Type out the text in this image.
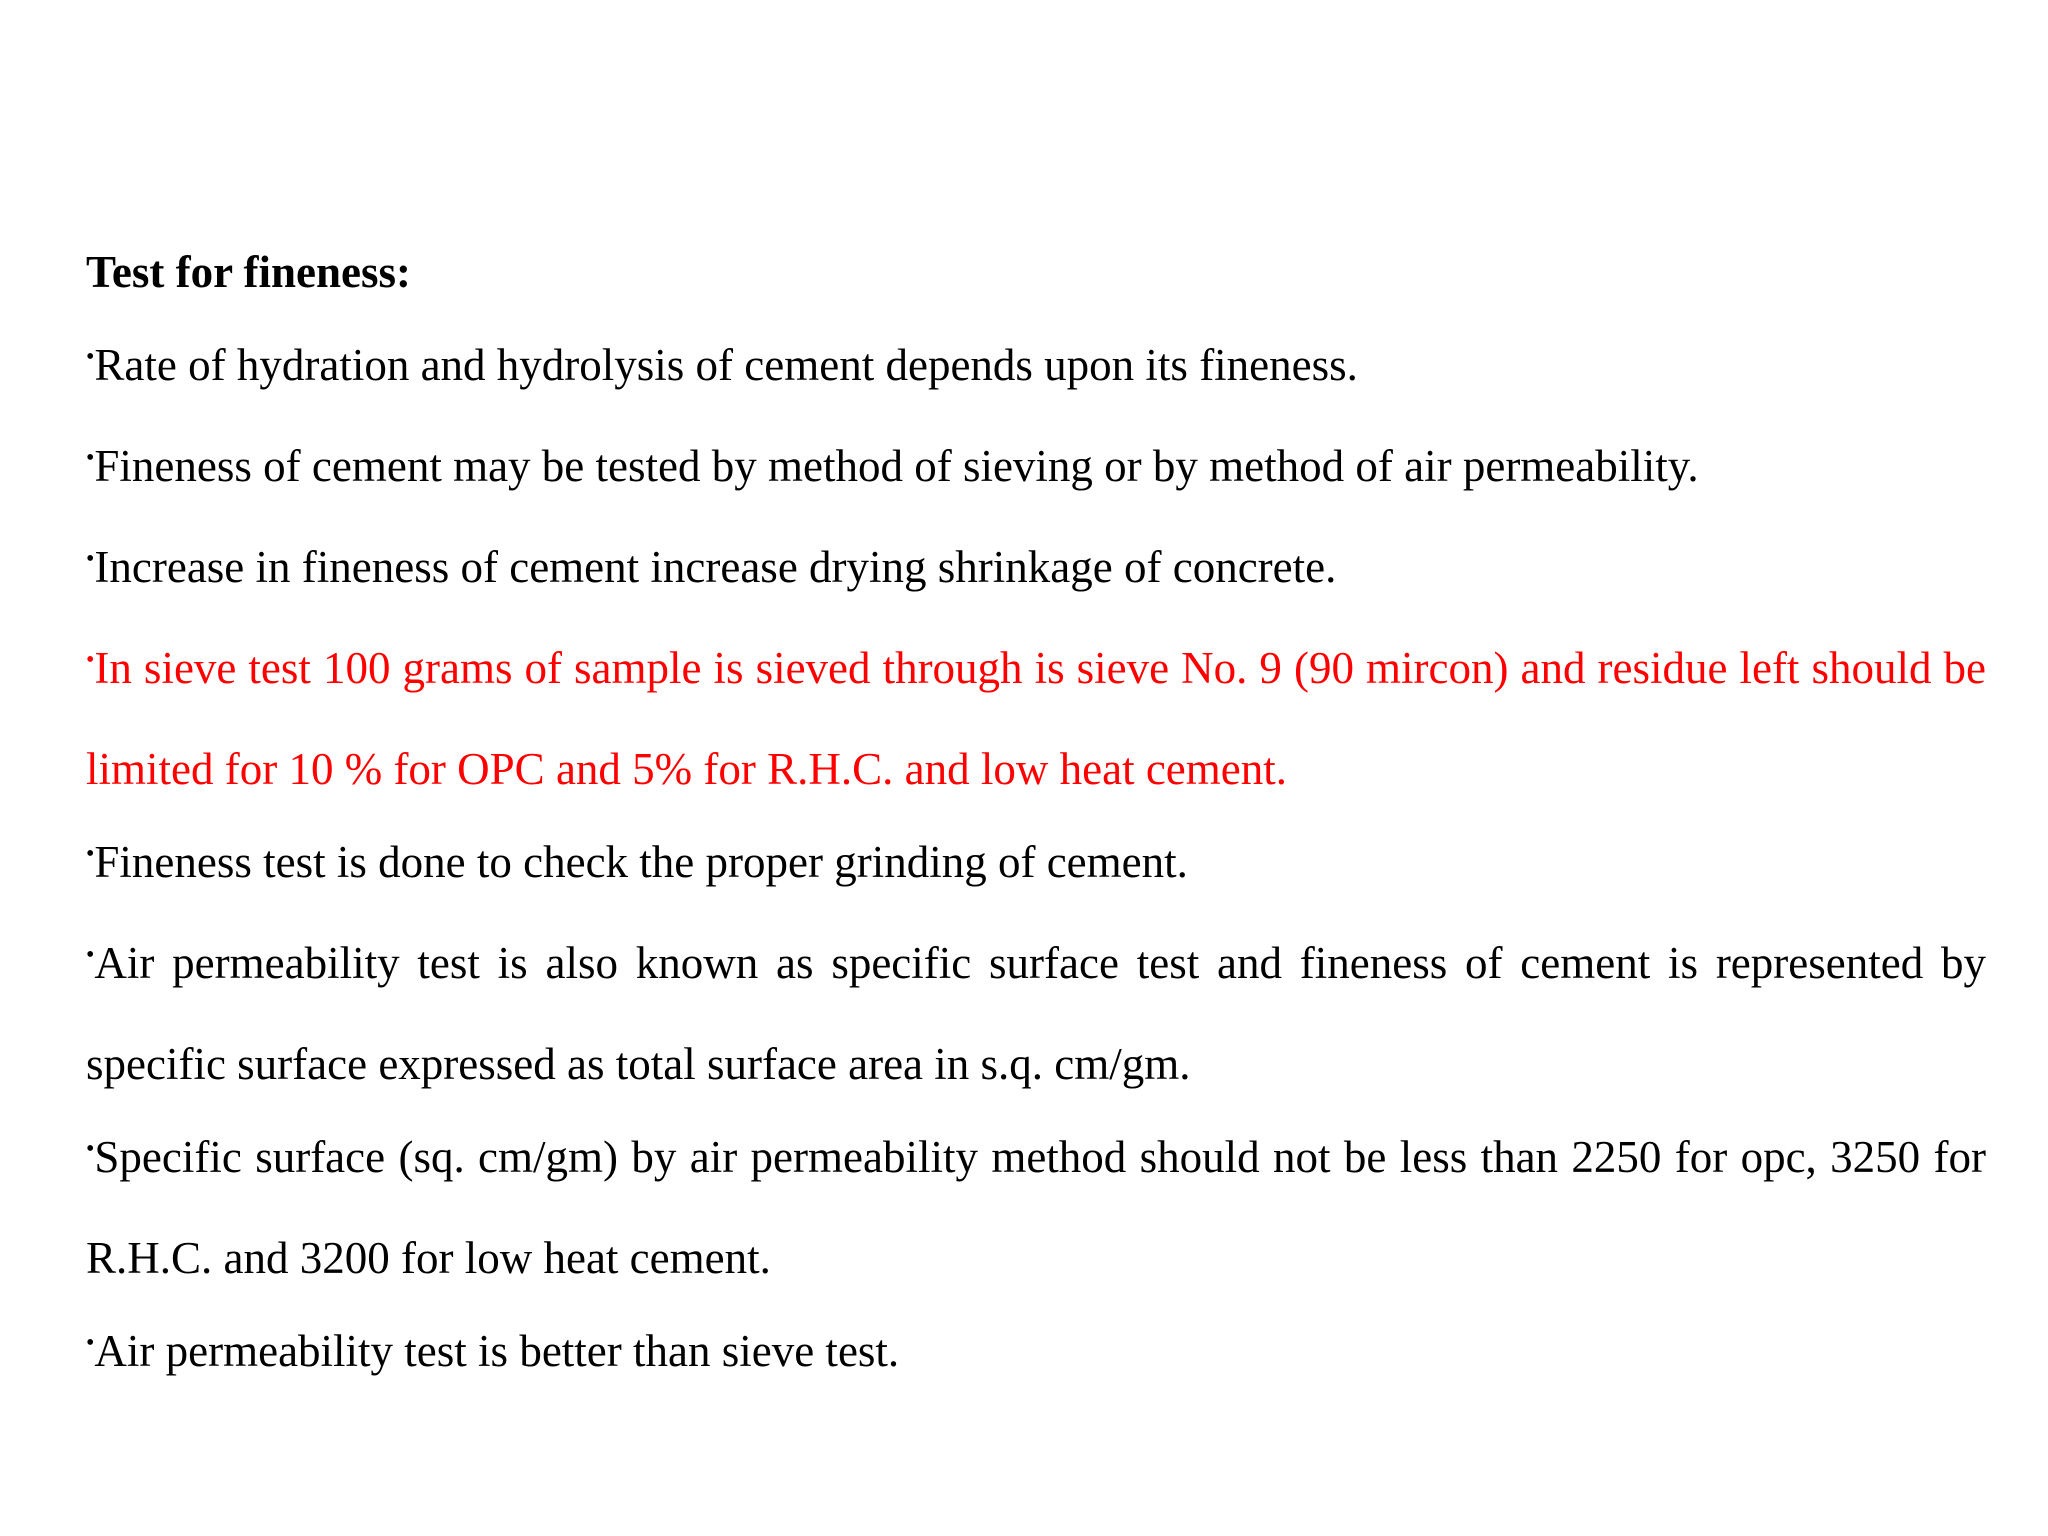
Test for fineness:

•Rate of hydration and hydrolysis of cement depends upon its fineness.

•Fineness of cement may be tested by method of sieving or by method of air permeability.

•Increase in fineness of cement increase drying shrinkage of concrete.

•In sieve test 100 grams of sample is sieved through is sieve No. 9 (90 mircon) and residue left should be limited for 10 % for OPC and 5% for R.H.C. and low heat cement.

•Fineness test is done to check the proper grinding of cement.

•Air permeability test is also known as specific surface test and fineness of cement is represented by specific surface expressed as total surface area in s.q. cm/gm.

•Specific surface (sq. cm/gm) by air permeability method should not be less than 2250 for opc, 3250 for R.H.C. and 3200 for low heat cement.

•Air permeability test is better than sieve test.
